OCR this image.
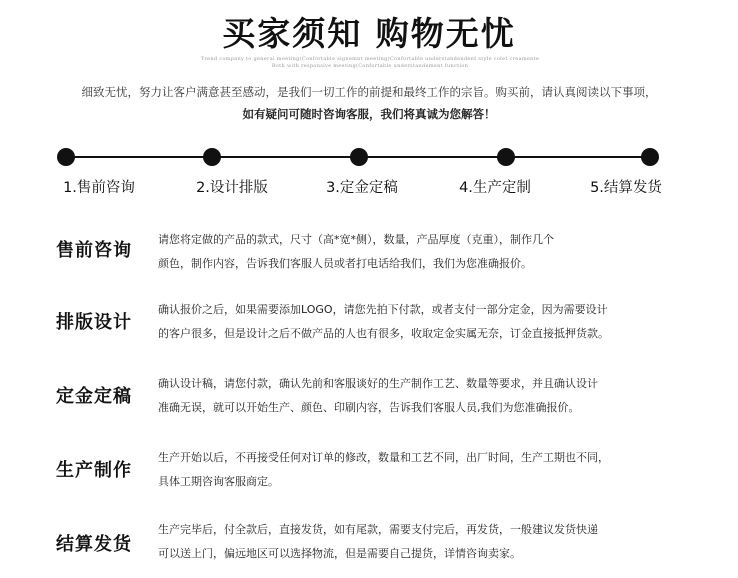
买家须知 购物无忧
Trend company to general meeting(Confortable signemnt meeting)Confortable understandendent style colet creamente
Both with responsive meeting(Confortable understandement function
细致无忧，努力让客户满意甚至感动，是我们一切工作的前提和最终工作的宗旨。购买前，请认真阅读以下事项，
如有疑问可随时咨询客服，我们将真诚为您解答！
1.售前咨询	2.设计排版	3.定金定稿	4.生产定制	5.结算发货
售前咨询
请您将定做的产品的款式，尺寸（高*宽*侧），数量，产品厚度（克重），制作几个
颜色，制作内容，告诉我们客服人员或者打电话给我们，我们为您准确报价。
排版设计
确认报价之后，如果需要添加LOGO，请您先拍下付款，或者支付一部分定金，因为需要设计
的客户很多，但是设计之后不做产品的人也有很多，收取定金实属无奈，订金直接抵押货款。
定金定稿
确认设计稿，请您付款，确认先前和客服谈好的生产制作工艺、数量等要求，并且确认设计
准确无误，就可以开始生产、颜色、印刷内容，告诉我们客服人员,我们为您准确报价。
生产制作
生产开始以后，不再接受任何对订单的修改，数量和工艺不同，出厂时间，生产工期也不同，
具体工期咨询客服商定。
结算发货
生产完毕后，付全款后，直接发货，如有尾款，需要支付完后，再发货，一般建议发货快递
可以送上门，偏远地区可以选择物流，但是需要自己提货，详情咨询卖家。
